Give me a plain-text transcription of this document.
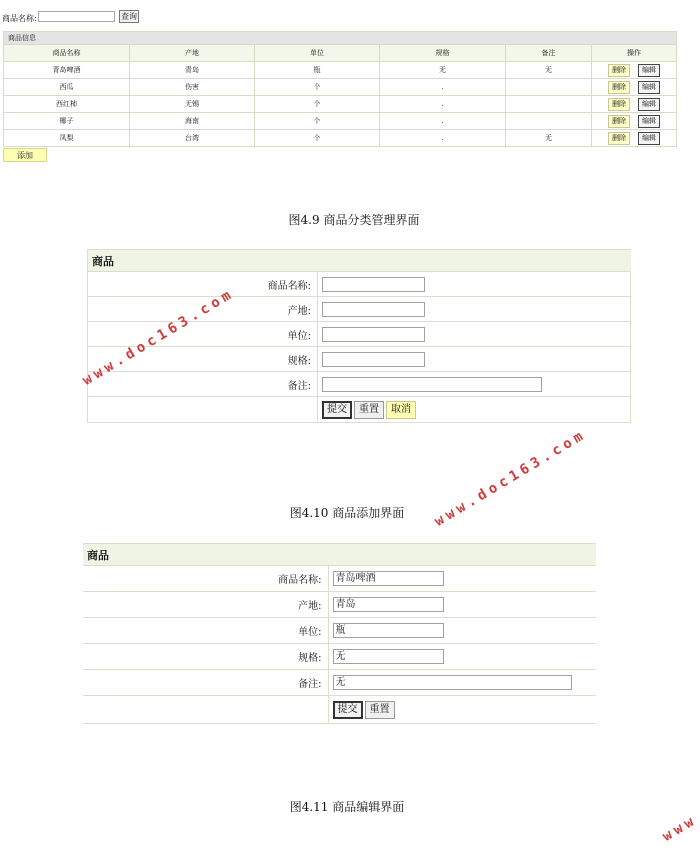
商品名称:	查询
商品信息					
商品名称	产地	单位	规格	备注	操作
青岛啤酒	青岛	瓶	无	无	删除 编辑
西瓜	伤害	个	.		删除 编辑
西红柿	无锡	个	.		删除 编辑
椰子	海南	个	.		删除 编辑
凤梨	台湾	个	.	无	删除 编辑
添加
图4.9 商品分类管理界面
商品	
商品名称:	

产地:	

单位:	

规格:	

备注:	

	提交 重置 取消
图4.10 商品添加界面
商品	
商品名称:	青岛啤酒

产地:	青岛

单位:	瓶

规格:	无

备注:	无

	提交 重置
图4.11 商品编辑界面
www.doc163.com
www.doc163.com
www
